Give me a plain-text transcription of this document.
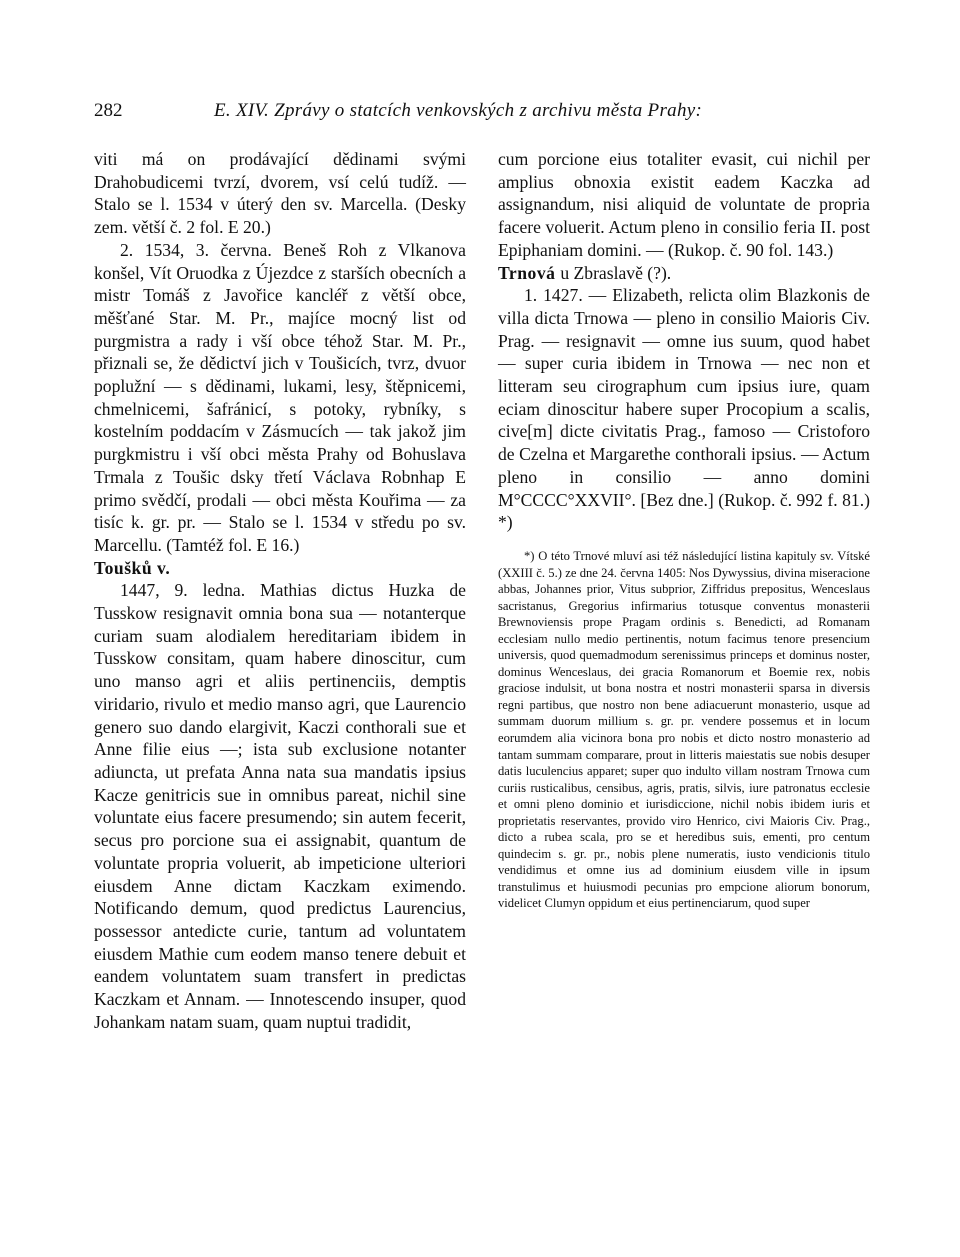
282	E. XIV. Zprávy o statcích venkovských z archivu města Prahy:

viti má on prodávající dědinami svými Drahobudicemi tvrzí, dvorem, vsí celú tudíž. — Stalo se l. 1534 v úterý den sv. Marcella. (Desky zem. větší č. 2 fol. E 20.)

2. 1534, 3. června. Beneš Roh z Vlkanova konšel, Vít Oruodka z Újezdce z starších obecních a mistr Tomáš z Javořice kancléř z větší obce, měšťané Star. M. Pr., majíce mocný list od purgmistra a rady i vší obce téhož Star. M. Pr., přiznali se, že dědictví jich v Toušicích, tvrz, dvuor poplužní — s dědinami, lukami, lesy, štěpnicemi, chmelnicemi, šafránicí, s potoky, rybníky, s kostelním poddacím v Zásmucích — tak jakož jim purgkmistru i vší obci města Prahy od Bohuslava Trmala z Toušic dsky třetí Václava Robnhap E primo svědčí, prodali — obci města Kouřima — za tisíc k. gr. pr. — Stalo se l. 1534 v středu po sv. Marcellu. (Tamtéž fol. E 16.)

Toušků v.

1447, 9. ledna. Mathias dictus Huzka de Tusskow resignavit omnia bona sua — notanterque curiam suam alodialem hereditariam ibidem in Tusskow consitam, quam habere dinoscitur, cum uno manso agri et aliis pertinenciis, demptis viridario, rivulo et medio manso agri, que Laurencio genero suo dando elargivit, Kaczi conthorali sue et Anne filie eius —; ista sub exclusione notanter adiuncta, ut prefata Anna nata sua mandatis ipsius Kacze genitricis sue in omnibus pareat, nichil sine voluntate eius facere presumendo; sin autem fecerit, secus pro porcione sua ei assignabit, quantum de voluntate propria voluerit, ab impeticione ulteriori eiusdem Anne dictam Kaczkam eximendo. Notificando demum, quod predictus Laurencius, possessor antedicte curie, tantum ad voluntatem eiusdem Mathie cum eodem manso tenere debuit et eandem voluntatem suam transfert in predictas Kaczkam et Annam. — Innotescendo insuper, quod Johankam natam suam, quam nuptui tradidit,

cum porcione eius totaliter evasit, cui nichil per amplius obnoxia existit eadem Kaczka ad assignandum, nisi aliquid de voluntate de propria facere voluerit. Actum pleno in consilio feria II. post Epiphaniam domini. — (Rukop. č. 90 fol. 143.)

Trnová u Zbraslavě (?).

1. 1427. — Elizabeth, relicta olim Blazkonis de villa dicta Trnowa — pleno in consilio Maioris Civ. Prag. — resignavit — omne ius suum, quod habet — super curia ibidem in Trnowa — nec non et litteram seu cirographum cum ipsius iure, quam eciam dinoscitur habere super Procopium a scalis, cive[m] dicte civitatis Prag., famoso — Cristoforo de Czelna et Margarethe conthorali ipsius. — Actum pleno in consilio — anno domini M°CCCC°XXVII°. [Bez dne.] (Rukop. č. 992 f. 81.) *)

*) O této Trnové mluví asi též následující listina kapituly sv. Vítské (XXIII č. 5.) ze dne 24. června 1405: Nos Dywyssius, divina miseracione abbas, Johannes prior, Vitus subprior, Ziffridus prepositus, Wenceslaus sacristanus, Gregorius infirmarius totusque conventus monasterii Brewnoviensis prope Pragam ordinis s. Benedicti, ad Romanam ecclesiam nullo medio pertinentis, notum facimus tenore presencium universis, quod quemadmodum serenissimus princeps et dominus noster, dominus Wenceslaus, dei gracia Romanorum et Boemie rex, nobis graciose indulsit, ut bona nostra et nostri monasterii sparsa in diversis regni partibus, que nostro non bene adiacuerunt monasterio, usque ad summam duorum millium s. gr. pr. vendere possemus et in locum eorumdem alia vicinora bona pro nobis et dicto nostro monasterio ad tantam summam comparare, prout in litteris maiestatis sue nobis desuper datis luculencius apparet; super quo indulto villam nostram Trnowa cum curiis rusticalibus, censibus, agris, pratis, silvis, iure patronatus ecclesie et omni pleno dominio et iurisdiccione, nichil nobis ibidem iuris et proprietatis reservantes, provido viro Henrico, civi Maioris Civ. Prag., dicto a rubea scala, pro se et heredibus suis, ementi, pro centum quindecim s. gr. pr., nobis plene numeratis, iusto vendicionis titulo vendidimus et omne ius ad dominium eiusdem ville in ipsum transtulimus et huiusmodi pecunias pro empcione aliorum bonorum, videlicet Clumyn oppidum et eius pertinenciarum, quod super
